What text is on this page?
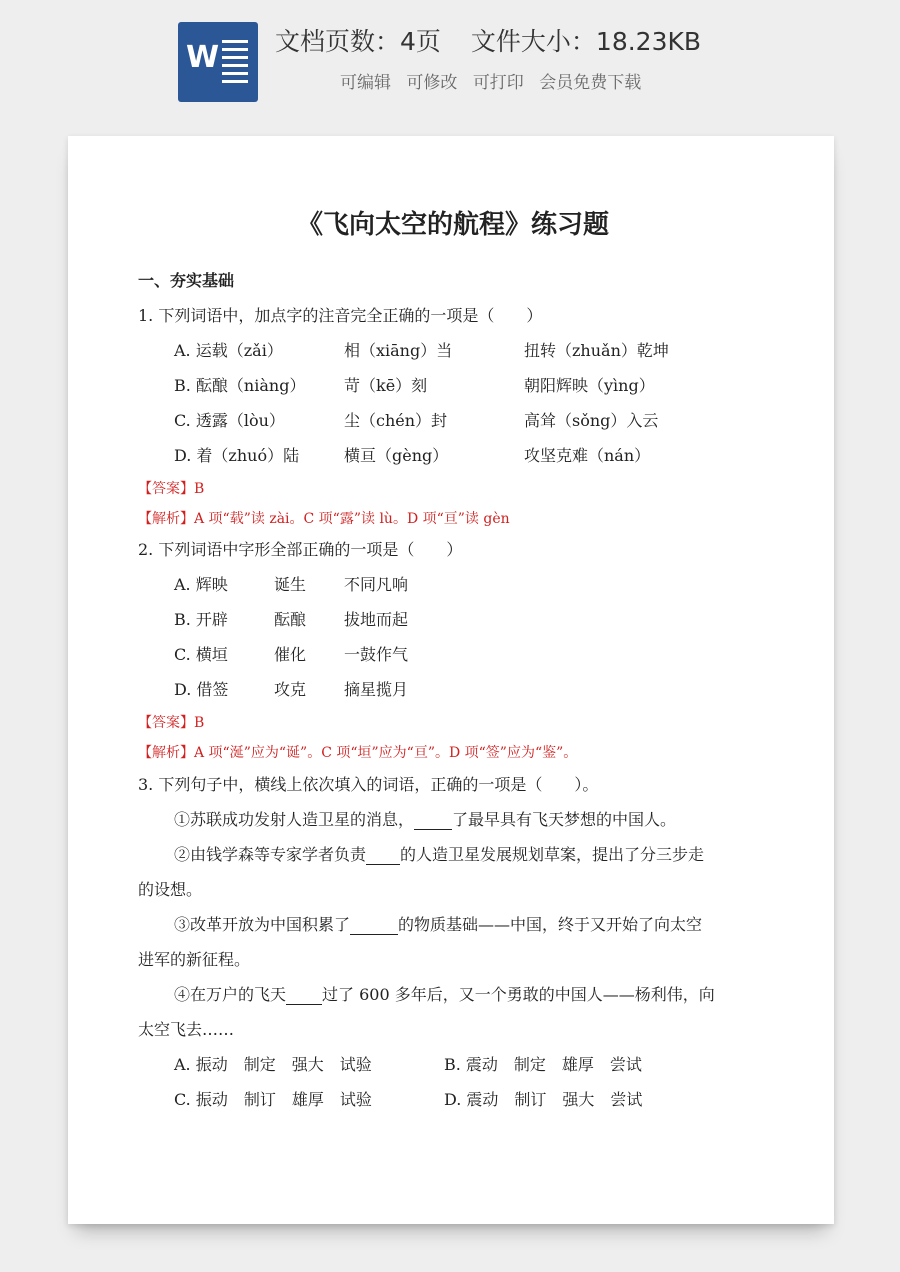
W 文档页数：4页 文件大小：18.23KB
可编辑 可修改 可打印 会员免费下载
《飞向太空的航程》练习题
一、夯实基础
1. 下列词语中，加点字的注音完全正确的一项是（　　）
A. 运载（zǎi）	相（xiāng）当	扭转（zhuǎn）乾坤
B. 酝酿（niàng） 苛（kē）刻	朝阳辉映（yìng）
C. 透露（lòu）	尘（chén）封	高耸（sǒng）入云
D. 着（zhuó）陆	横亘（gèng）	攻坚克难（nán）
【答案】B
【解析】A 项“载”读 zài。C 项“露”读 lù。D 项“亘”读 gèn
2. 下列词语中字形全部正确的一项是（　　）
A. 辉映	诞生 不同凡响
B. 开辟	酝酿 拔地而起
C. 横垣	催化 一鼓作气
D. 借签	攻克 摘星揽月
【答案】B
【解析】A 项“涎”应为“诞”。C 项“垣”应为“亘”。D 项“签”应为“鉴”。
3. 下列句子中，横线上依次填入的词语，正确的一项是（　　）。
①苏联成功发射人造卫星的消息， 了最早具有飞天梦想的中国人。
②由钱学森等专家学者负责 的人造卫星发展规划草案，提出了分三步走
的设想。
③改革开放为中国积累了	的物质基础——中国，终于又开始了向太空
进军的新征程。
④在万户的飞天 过了 600 多年后，又一个勇敢的中国人——杨利伟，向
太空飞去……
A. 振动　制定　强大　试验	B. 震动　制定　雄厚　尝试
C. 振动　制订　雄厚　试验	D. 震动　制订　强大　尝试
